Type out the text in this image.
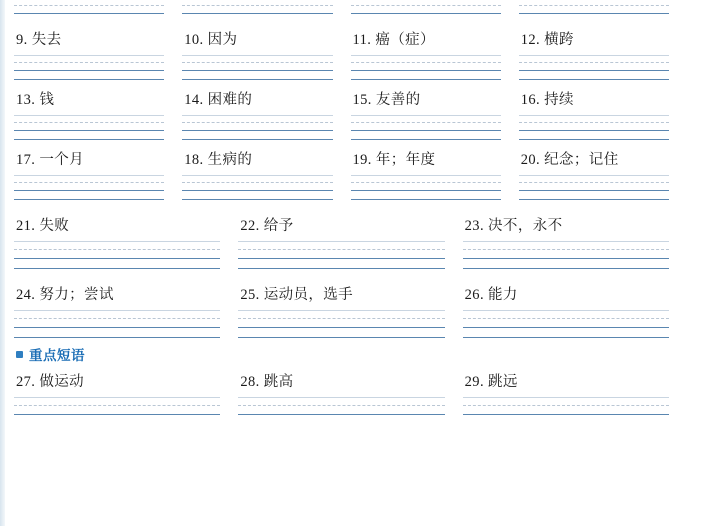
9. 失去	10. 因为	11. 癌（症）	12. 横跨
13. 钱	14. 困难的	15. 友善的	16. 持续
17. 一个月	18. 生病的	19. 年；年度	20. 纪念；记住
21. 失败	22. 给予	23. 决不，永不
24. 努力；尝试	25. 运动员，选手	26. 能力
重点短语
27. 做运动	28. 跳高	29. 跳远
